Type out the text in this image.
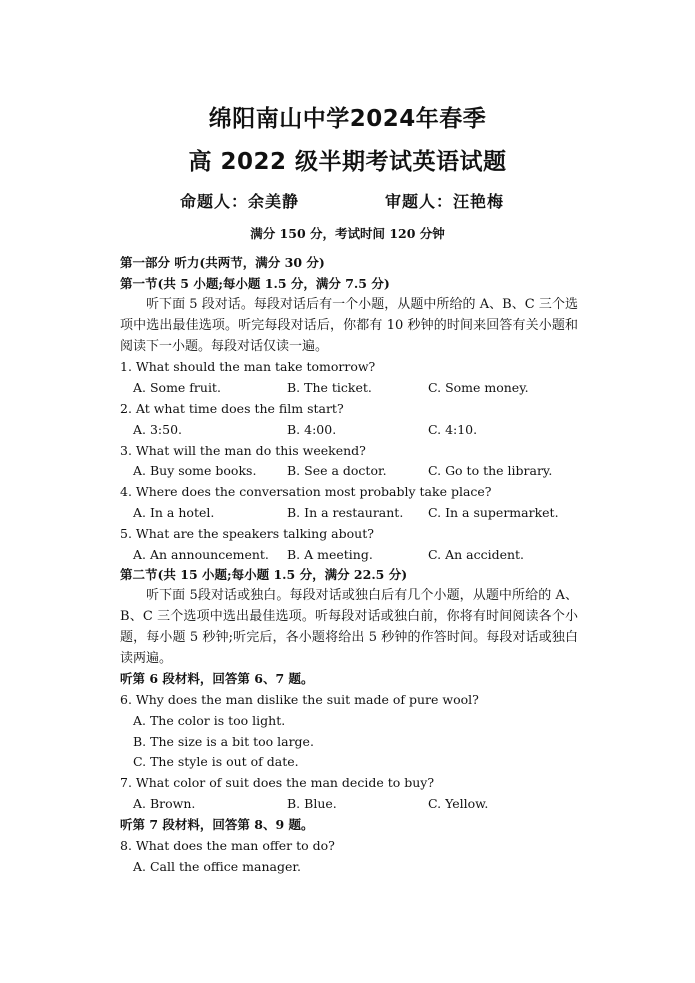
绵阳南山中学2024年春季
高 2022 级半期考试英语试题
命题人：余美静	审题人：汪艳梅
满分 150 分，考试时间 120 分钟
第一部分 听力(共两节，满分 30 分)
第一节(共 5 小题;每小题 1.5 分，满分 7.5 分)
听下面 5 段对话。每段对话后有一个小题，从题中所给的 A、B、C 三个选项中选出最佳选项。听完每段对话后，你都有 10 秒钟的时间来回答有关小题和阅读下一小题。每段对话仅读一遍。
1. What should the man take tomorrow?
A. Some fruit.	B. The ticket.	C. Some money.
2. At what time does the film start?
A. 3:50.	B. 4:00.	C. 4:10.
3. What will the man do this weekend?
A. Buy some books. B. See a doctor.	C. Go to the library.
4. Where does the conversation most probably take place?
A. In a hotel.	B. In a restaurant. C. In a supermarket.
5. What are the speakers talking about?
A. An announcement. B. A meeting.	C. An accident.
第二节(共 15 小题;每小题 1.5 分，满分 22.5 分)
听下面 5段对话或独白。每段对话或独白后有几个小题，从题中所给的 A、B、C 三个选项中选出最佳选项。听每段对话或独白前，你将有时间阅读各个小题，每小题 5 秒钟;听完后，各小题将给出 5 秒钟的作答时间。每段对话或独白读两遍。
听第 6 段材料，回答第 6、7 题。
6. Why does the man dislike the suit made of pure wool?
A. The color is too light.
B. The size is a bit too large.
C. The style is out of date.
7. What color of suit does the man decide to buy?
A. Brown.	B. Blue.	C. Yellow.
听第 7 段材料，回答第 8、9 题。
8. What does the man offer to do?
A. Call the office manager.
